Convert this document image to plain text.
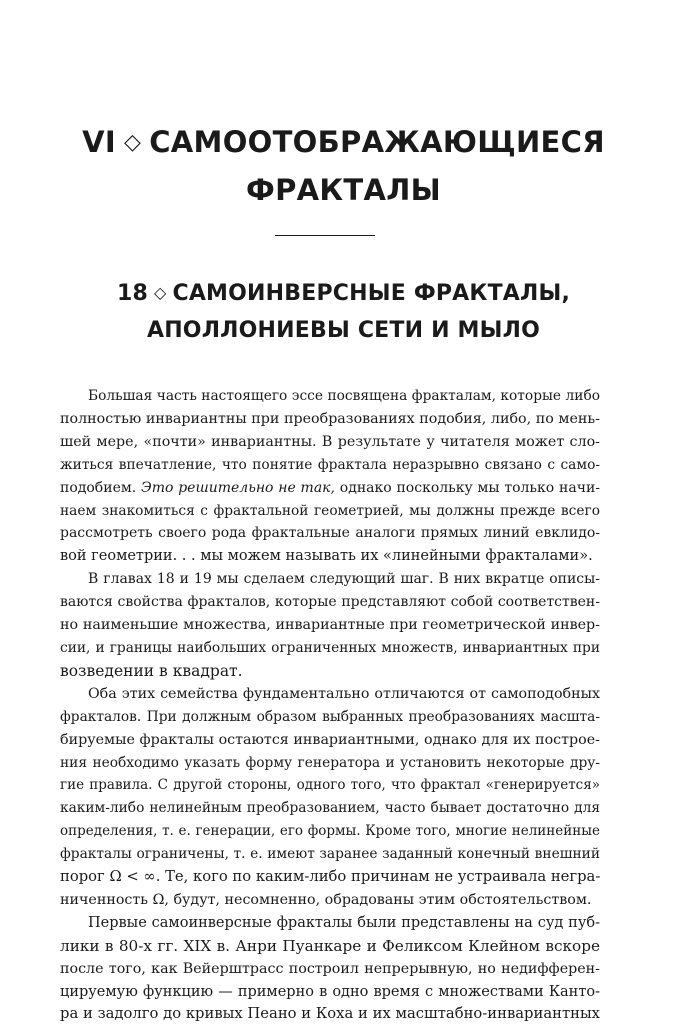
VI ◇ САМООТОБРАЖАЮЩИЕСЯ
ФРАКТАЛЫ
18 ◇ САМОИНВЕРСНЫЕ ФРАКТАЛЫ,
АПОЛЛОНИЕВЫ СЕТИ И МЫЛО

Большая часть настоящего эссе посвящена фракталам, которые либо
полностью инвариантны при преобразованиях подобия, либо, по мень-
шей мере, «почти» инвариантны. В результате у читателя может сло-
житься впечатление, что понятие фрактала неразрывно связано с само-
подобием. Это решительно не так, однако поскольку мы только начи-
наем знакомиться с фрактальной геометрией, мы должны прежде всего
рассмотреть своего рода фрактальные аналоги прямых линий евклидо-
вой геометрии. . . мы можем называть их «линейными фракталами».

В главах 18 и 19 мы сделаем следующий шаг. В них вкратце описы-
ваются свойства фракталов, которые представляют собой соответствен-
но наименьшие множества, инвариантные при геометрической инвер-
сии, и границы наибольших ограниченных множеств, инвариантных при
возведении в квадрат.

Оба этих семейства фундаментально отличаются от самоподобных
фракталов. При должным образом выбранных преобразованиях масшта-
бируемые фракталы остаются инвариантными, однако для их построе-
ния необходимо указать форму генератора и установить некоторые дру-
гие правила. С другой стороны, одного того, что фрактал «генерируется»
каким-либо нелинейным преобразованием, часто бывает достаточно для
определения, т. е. генерации, его формы. Кроме того, многие нелинейные
фракталы ограничены, т. е. имеют заранее заданный конечный внешний
порог Ω < ∞. Те, кого по каким-либо причинам не устраивала негра-
ниченность Ω, будут, несомненно, обрадованы этим обстоятельством.

Первые самоинверсные фракталы были представлены на суд пуб-
лики в 80-х гг. XIX в. Анри Пуанкаре и Феликсом Клейном вскоре
после того, как Вейерштрасс построил непрерывную, но недифферен-
цируемую функцию — примерно в одно время с множествами Канто-
ра и задолго до кривых Пеано и Коха и их масштабно-инвариантных
